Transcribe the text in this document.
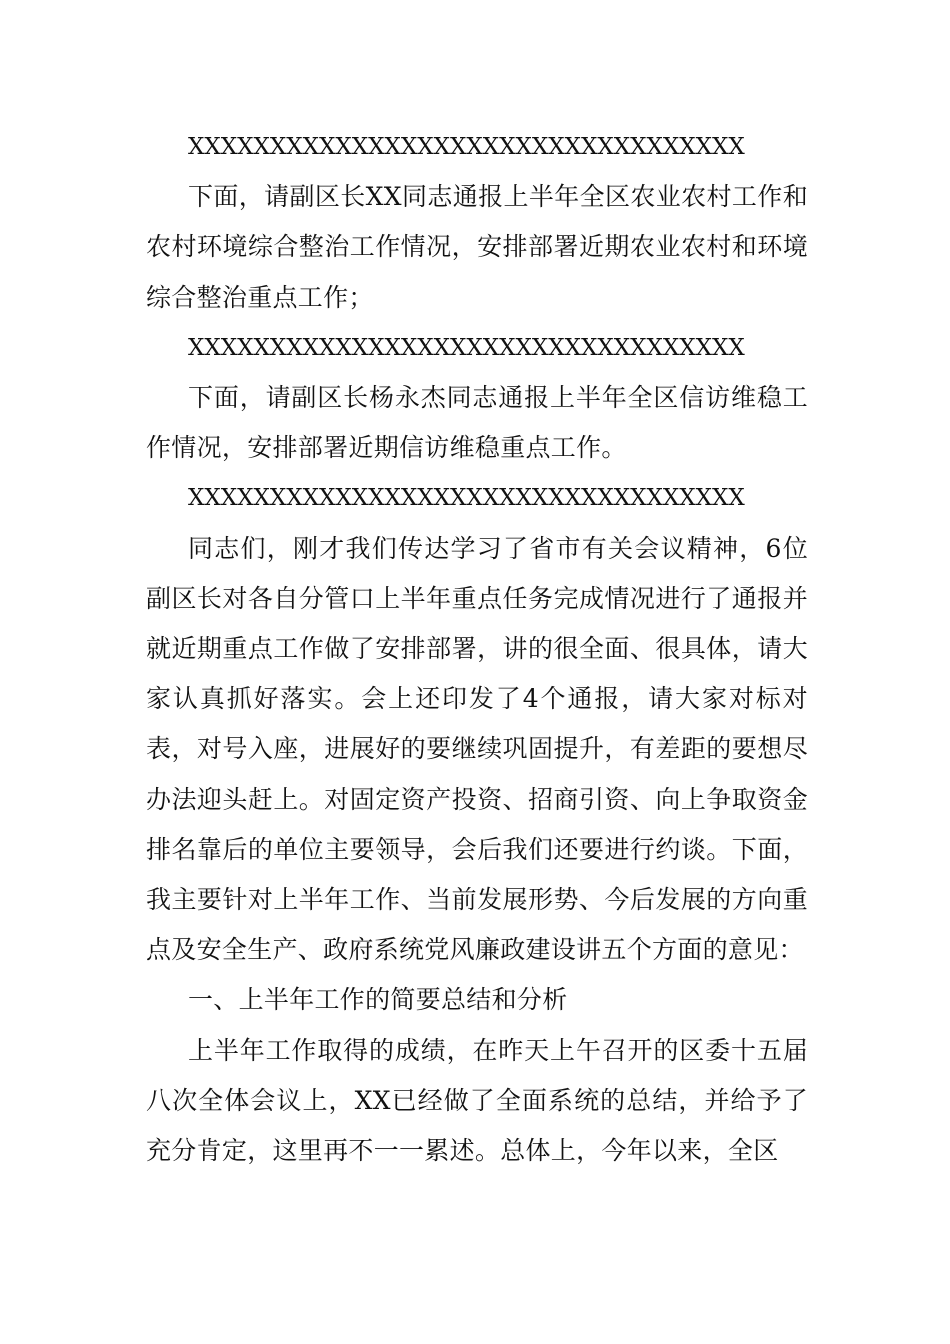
XXXXXXXXXXXXXXXXXXXXXXXXXXXXXXXXXX

下面，请副区长XX同志通报上半年全区农业农村工作和农村环境综合整治工作情况，安排部署近期农业农村和环境综合整治重点工作；

XXXXXXXXXXXXXXXXXXXXXXXXXXXXXXXXXX

下面，请副区长杨永杰同志通报上半年全区信访维稳工作情况，安排部署近期信访维稳重点工作。

XXXXXXXXXXXXXXXXXXXXXXXXXXXXXXXXXX

同志们，刚才我们传达学习了省市有关会议精神，6位副区长对各自分管口上半年重点任务完成情况进行了通报并就近期重点工作做了安排部署，讲的很全面、很具体，请大家认真抓好落实。会上还印发了4个通报，请大家对标对表，对号入座，进展好的要继续巩固提升，有差距的要想尽办法迎头赶上。对固定资产投资、招商引资、向上争取资金排名靠后的单位主要领导，会后我们还要进行约谈。下面，我主要针对上半年工作、当前发展形势、今后发展的方向重点及安全生产、政府系统党风廉政建设讲五个方面的意见：

一、上半年工作的简要总结和分析

上半年工作取得的成绩，在昨天上午召开的区委十五届八次全体会议上，XX已经做了全面系统的总结，并给予了充分肯定，这里再不一一累述。总体上，今年以来，全区
